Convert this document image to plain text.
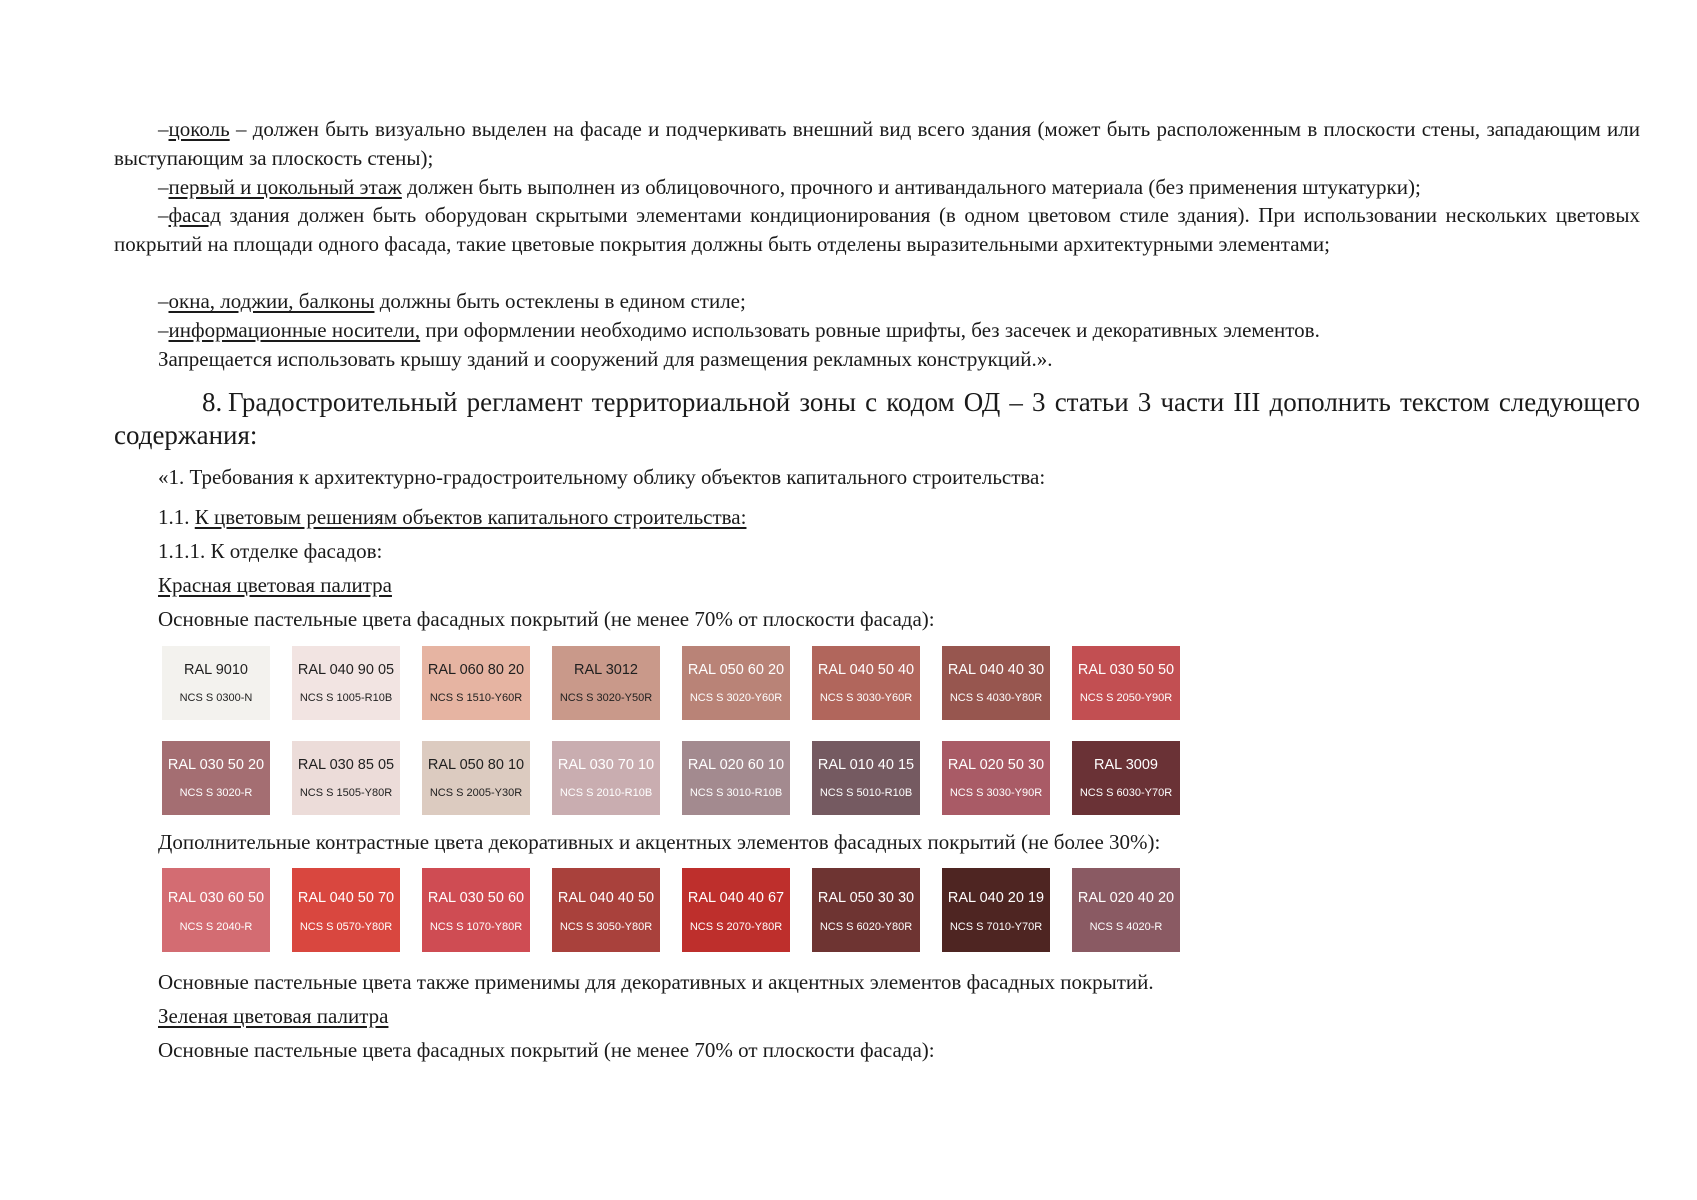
–цоколь – должен быть визуально выделен на фасаде и подчеркивать внешний вид всего здания (может быть расположенным в плоскости стены, западающим или выступающим за плоскость стены);

–первый и цокольный этаж должен быть выполнен из облицовочного, прочного и антивандального материала (без применения штукатурки);

–фасад здания должен быть оборудован скрытыми элементами кондиционирования (в одном цветовом стиле здания). При использовании нескольких цветовых покрытий на площади одного фасада, такие цветовые покрытия должны быть отделены выразительными архитектурными элементами;

–окна, лоджии, балконы должны быть остеклены в едином стиле;

–информационные носители, при оформлении необходимо использовать ровные шрифты, без засечек и декоративных элементов.

Запрещается использовать крышу зданий и сооружений для размещения рекламных конструкций.».

8. Градостроительный регламент территориальной зоны с кодом ОД – 3 статьи 3 части III дополнить текстом следующего содержания:

«1. Требования к архитектурно-градостроительному облику объектов капитального строительства:

1.1. К цветовым решениям объектов капитального строительства:

1.1.1. К отделке фасадов:

Красная цветовая палитра

Основные пастельные цвета фасадных покрытий (не менее 70% от плоскости фасада):

RAL 9010
NCS S 0300-N
RAL 040 90 05
NCS S 1005-R10B
RAL 060 80 20
NCS S 1510-Y60R
RAL 3012
NCS S 3020-Y50R
RAL 050 60 20
NCS S 3020-Y60R
RAL 040 50 40
NCS S 3030-Y60R
RAL 040 40 30
NCS S 4030-Y80R
RAL 030 50 50
NCS S 2050-Y90R
RAL 030 50 20
NCS S 3020-R
RAL 030 85 05
NCS S 1505-Y80R
RAL 050 80 10
NCS S 2005-Y30R
RAL 030 70 10
NCS S 2010-R10B
RAL 020 60 10
NCS S 3010-R10B
RAL 010 40 15
NCS S 5010-R10B
RAL 020 50 30
NCS S 3030-Y90R
RAL 3009
NCS S 6030-Y70R

Дополнительные контрастные цвета декоративных и акцентных элементов фасадных покрытий (не более 30%):

RAL 030 60 50
NCS S 2040-R
RAL 040 50 70
NCS S 0570-Y80R
RAL 030 50 60
NCS S 1070-Y80R
RAL 040 40 50
NCS S 3050-Y80R
RAL 040 40 67
NCS S 2070-Y80R
RAL 050 30 30
NCS S 6020-Y80R
RAL 040 20 19
NCS S 7010-Y70R
RAL 020 40 20
NCS S 4020-R

Основные пастельные цвета также применимы для декоративных и акцентных элементов фасадных покрытий.

Зеленая цветовая палитра

Основные пастельные цвета фасадных покрытий (не менее 70% от плоскости фасада):
